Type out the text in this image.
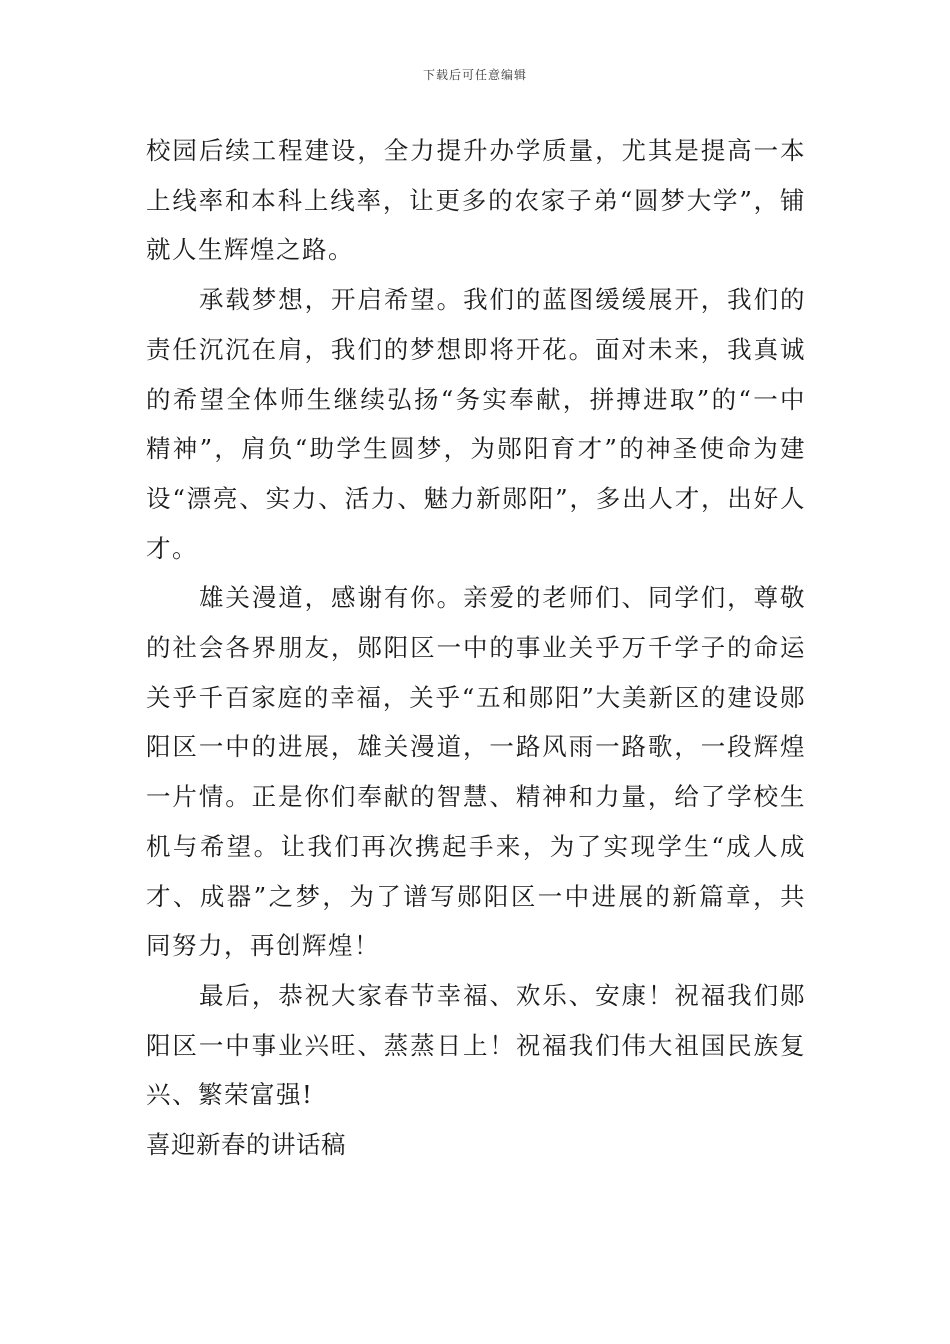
下载后可任意编辑

校园后续工程建设，全力提升办学质量，尤其是提高一本上线率和本科上线率，让更多的农家子弟“圆梦大学”，铺就人生辉煌之路。

承载梦想，开启希望。我们的蓝图缓缓展开，我们的责任沉沉在肩，我们的梦想即将开花。面对未来，我真诚的希望全体师生继续弘扬“务实奉献，拼搏进取”的“一中精神”，肩负“助学生圆梦，为郧阳育才”的神圣使命为建设“漂亮、实力、活力、魅力新郧阳”，多出人才，出好人才。

雄关漫道，感谢有你。亲爱的老师们、同学们，尊敬的社会各界朋友，郧阳区一中的事业关乎万千学子的命运关乎千百家庭的幸福，关乎“五和郧阳”大美新区的建设郧阳区一中的进展，雄关漫道，一路风雨一路歌，一段辉煌一片情。正是你们奉献的智慧、精神和力量，给了学校生机与希望。让我们再次携起手来，为了实现学生“成人成才、成器”之梦，为了谱写郧阳区一中进展的新篇章，共同努力，再创辉煌！

最后，恭祝大家春节幸福、欢乐、安康！祝福我们郧阳区一中事业兴旺、蒸蒸日上！祝福我们伟大祖国民族复兴、繁荣富强!

喜迎新春的讲话稿
